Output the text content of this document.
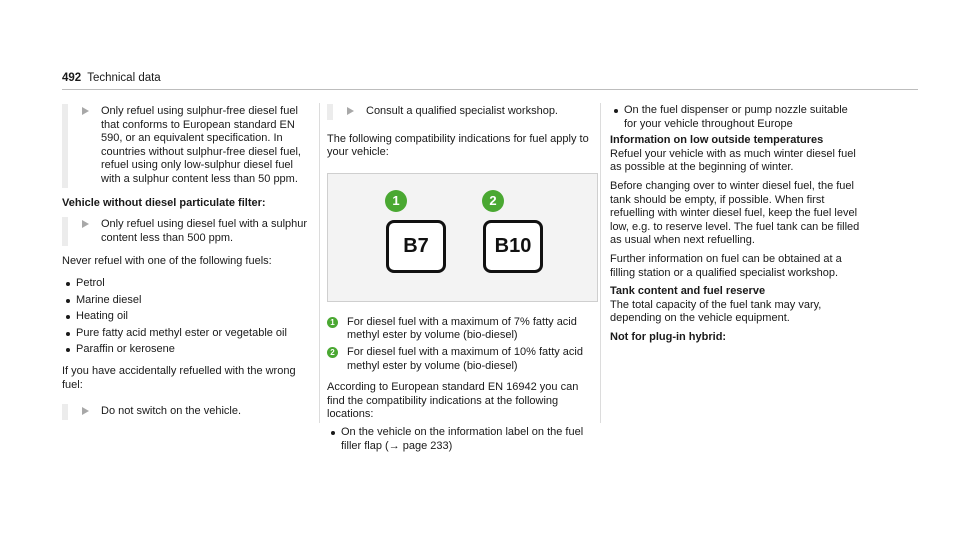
492 Technical data
Only refuel using sulphur-free diesel fuel that conforms to European standard EN 590, or an equivalent specification. In countries without sulphur-free diesel fuel, refuel using only low-sulphur diesel fuel with a sulphur content less than 50 ppm.
Vehicle without diesel particulate filter:
Only refuel using diesel fuel with a sulphur content less than 500 ppm.

Never refuel with one of the following fuels:

Petrol
Marine diesel
Heating oil
Pure fatty acid methyl ester or vegetable oil
Paraffin or kerosene

If you have accidentally refuelled with the wrong fuel:

Do not switch on the vehicle.
Consult a qualified specialist workshop.

The following compatibility indications for fuel apply to your vehicle:

1	2
B7	B10
1 For diesel fuel with a maximum of 7% fatty acid methyl ester by volume (bio-diesel)
2 For diesel fuel with a maximum of 10% fatty acid methyl ester by volume (bio-diesel)

According to European standard EN 16942 you can find the compatibility indications at the following locations:

On the vehicle on the information label on the fuel filler flap (→ page 233)
On the fuel dispenser or pump nozzle suitable for your vehicle throughout Europe
Information on low outside temperatures

Refuel your vehicle with as much winter diesel fuel as possible at the beginning of winter.

Before changing over to winter diesel fuel, the fuel tank should be empty, if possible. When first refuelling with winter diesel fuel, keep the fuel level low, e.g. to reserve level. The fuel tank can be filled as usual when next refuelling.

Further information on fuel can be obtained at a filling station or a qualified specialist workshop.

Tank content and fuel reserve

The total capacity of the fuel tank may vary, depending on the vehicle equipment.

Not for plug-in hybrid:
